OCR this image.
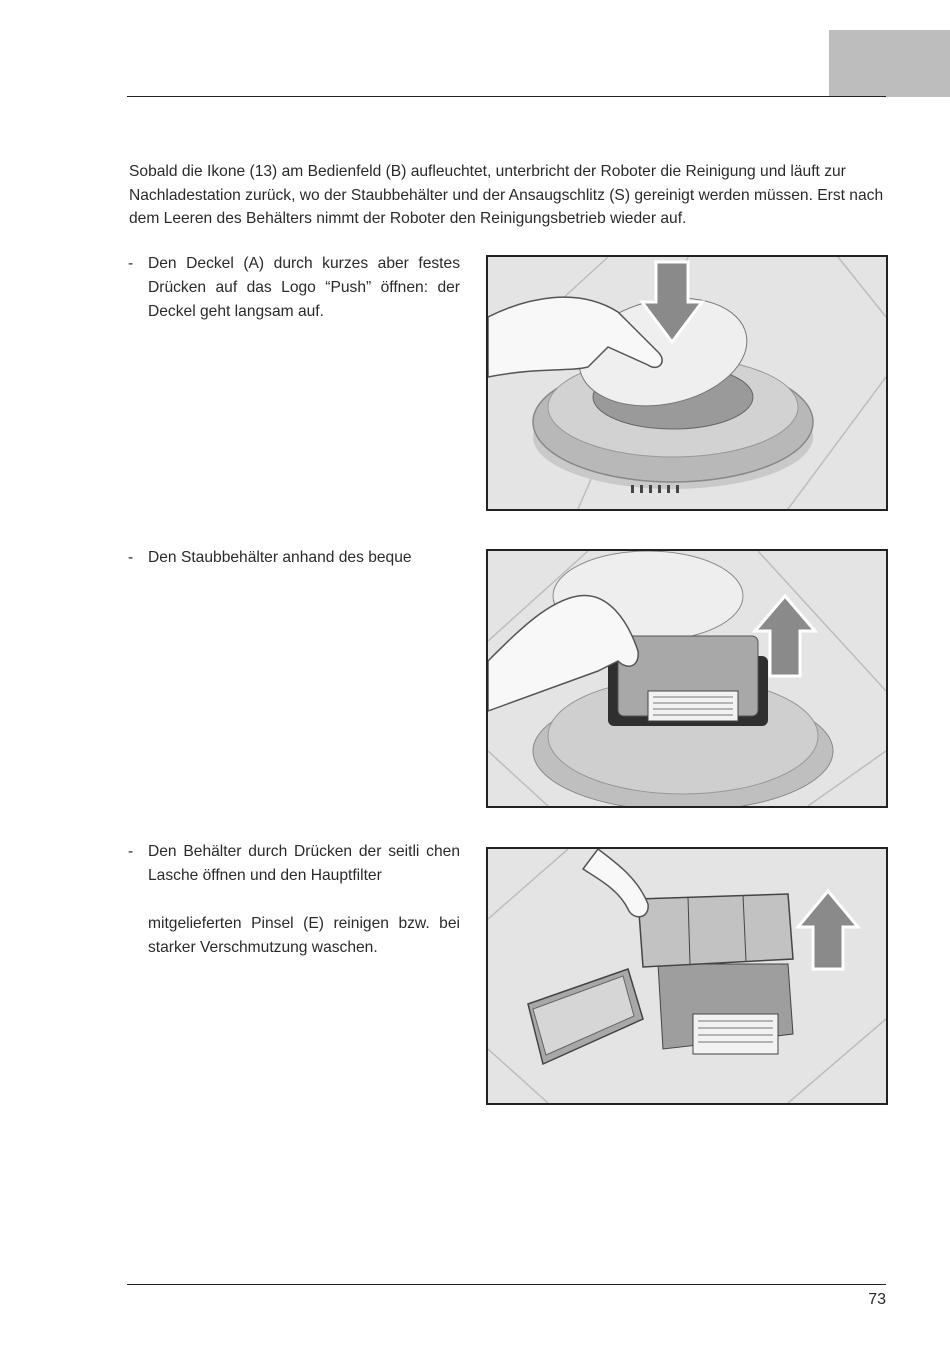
Sobald die Ikone (13) am Bedienfeld (B) aufleuchtet, unterbricht der Roboter die Reinigung und läuft zur Nachladestation zurück, wo der Staubbehälter und der Ansaugschlitz (S) gereinigt werden müssen. Erst nach dem Leeren des Behälters nimmt der Roboter den Reinigungsbetrieb wieder auf.

- Den Deckel (A) durch kurzes aber festes Drücken auf das Logo “Push” öffnen: der Deckel geht langsam auf.

- Den Staubbehälter anhand des beque

- Den Behälter durch Drücken der seitli chen Lasche öffnen und den Hauptfilter

mitgelieferten Pinsel (E) reinigen bzw. bei starker Verschmutzung waschen.

73
